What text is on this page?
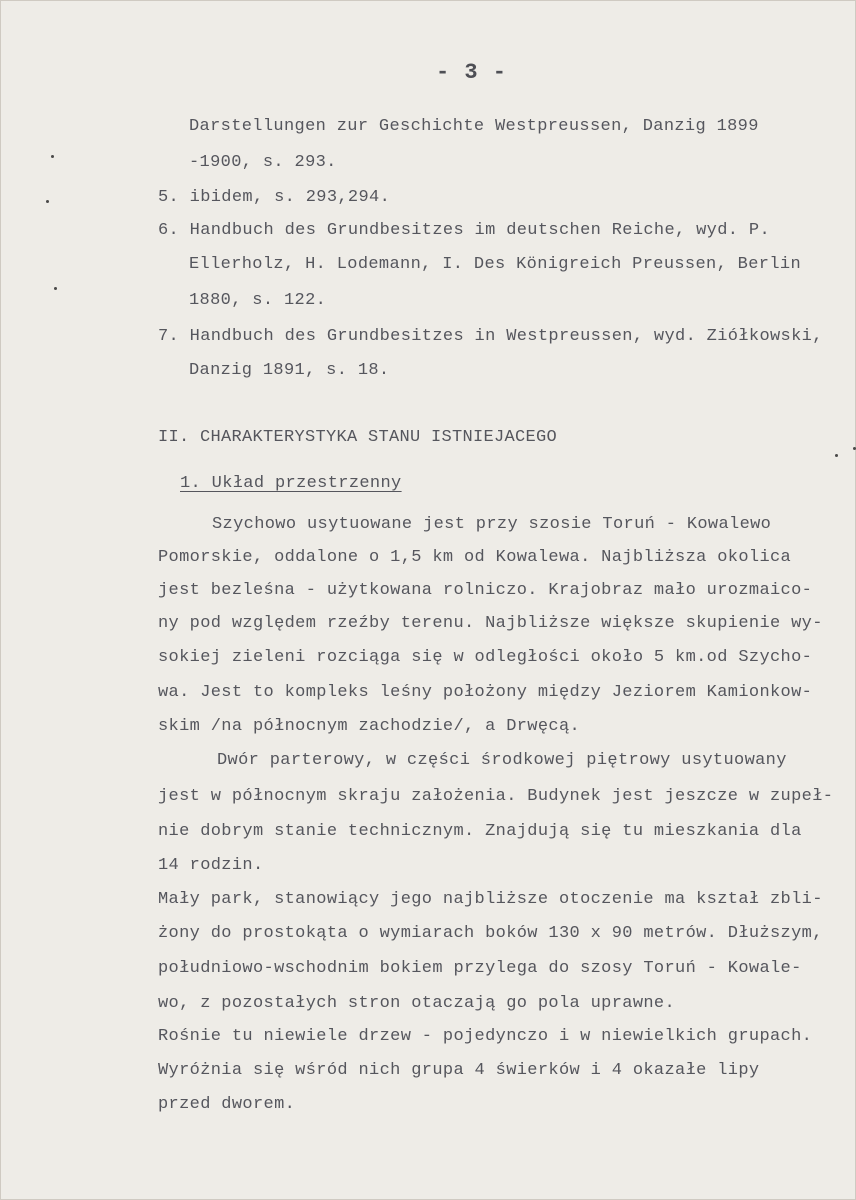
- 3 -
Darstellungen zur Geschichte Westpreussen, Danzig 1899
-1900, s. 293.
5. ibidem, s. 293,294.
6. Handbuch des Grundbesitzes im deutschen Reiche, wyd. P.
Ellerholz, H. Lodemann, I. Des Königreich Preussen, Berlin
1880, s. 122.
7. Handbuch des Grundbesitzes in Westpreussen, wyd. Ziółkowski,
Danzig 1891, s. 18.
II. CHARAKTERYSTYKA STANU ISTNIEJACEGO
1. Układ przestrzenny
Szychowo usytuowane jest przy szosie Toruń - Kowalewo
Pomorskie, oddalone o 1,5 km od Kowalewa. Najbliższa okolica
jest bezleśna - użytkowana rolniczo. Krajobraz mało urozmaico-
ny pod względem rzeźby terenu. Najbliższe większe skupienie wy-
sokiej zieleni rozciąga się w odległości około 5 km.od Szycho-
wa. Jest to kompleks leśny położony między Jeziorem Kamionkow-
skim /na północnym zachodzie/, a Drwęcą.
Dwór parterowy, w części środkowej piętrowy usytuowany
jest w północnym skraju założenia. Budynek jest jeszcze w zupeł-
nie dobrym stanie technicznym. Znajdują się tu mieszkania dla
14 rodzin.
Mały park, stanowiący jego najbliższe otoczenie ma kształ zbli-
żony do prostokąta o wymiarach boków 130 x 90 metrów. Dłuższym,
południowo-wschodnim bokiem przylega do szosy Toruń - Kowale-
wo, z pozostałych stron otaczają go pola uprawne.
Rośnie tu niewiele drzew - pojedynczo i w niewielkich grupach.
Wyróżnia się wśród nich grupa 4 świerków i 4 okazałe lipy
przed dworem.
